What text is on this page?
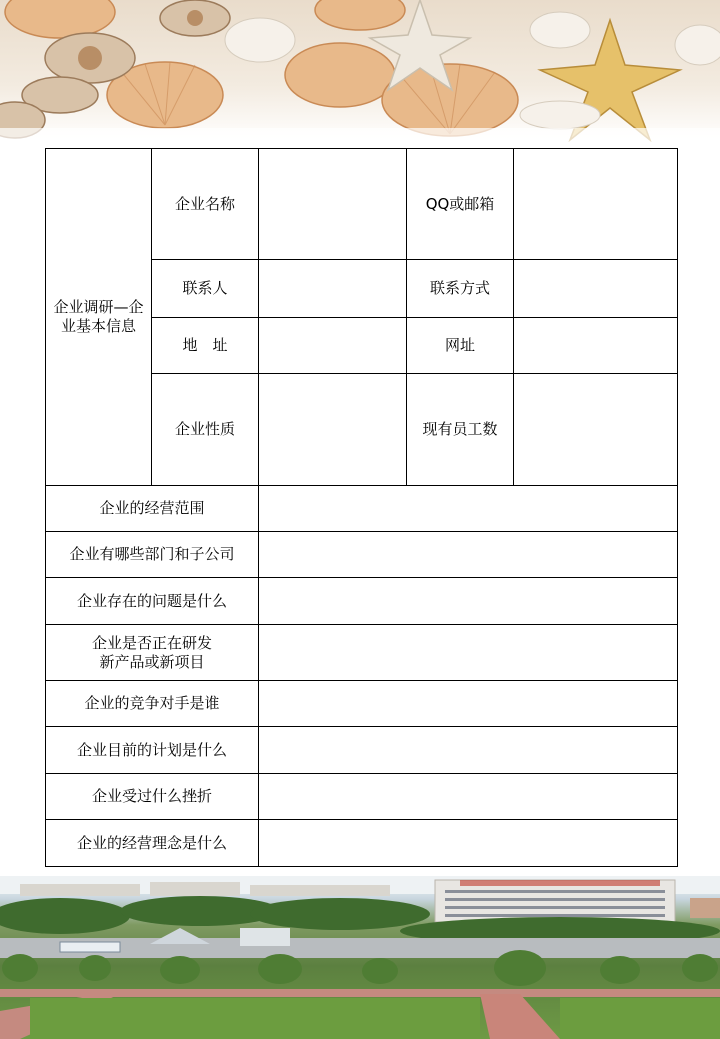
企业调研—企业基本信息	企业名称		QQ或邮箱	
	联系人		联系方式	
	地　址		网址	
	企业性质		现有员工数	
企业的经营范围				
企业有哪些部门和子公司				
企业存在的问题是什么				
企业是否正在研发新产品或新项目				
企业的竞争对手是谁				
企业目前的计划是什么				
企业受过什么挫折				
企业的经营理念是什么				
